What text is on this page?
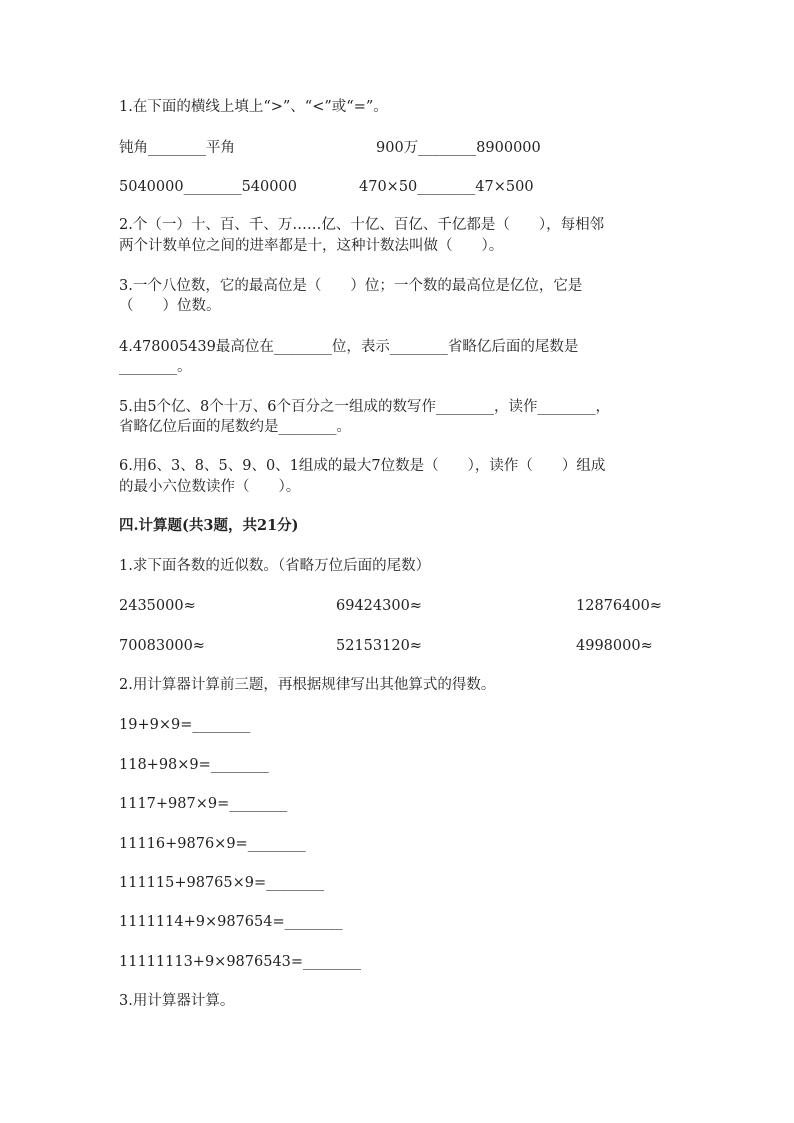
1.在下面的横线上填上“>”、“<”或“=”。
钝角________平角	900万________8900000
5040000________540000	470×50________47×500
2.个（一）十、百、千、万……亿、十亿、百亿、千亿都是（　　），每相邻
两个计数单位之间的进率都是十，这种计数法叫做（　　）。
3.一个八位数，它的最高位是（　　）位；一个数的最高位是亿位，它是
（　　）位数。
4.478005439最高位在________位，表示________省略亿后面的尾数是
________。
5.由5个亿、8个十万、6个百分之一组成的数写作________，读作________，
省略亿位后面的尾数约是________。
6.用6、3、8、5、9、0、1组成的最大7位数是（　　），读作（　　）组成
的最小六位数读作（　　）。
四.计算题(共3题，共21分)
1.求下面各数的近似数。（省略万位后面的尾数）
2435000≈	69424300≈	12876400≈
70083000≈	52153120≈	4998000≈
2.用计算器计算前三题，再根据规律写出其他算式的得数。
19+9×9=________
118+98×9=________
1117+987×9=________
11116+9876×9=________
111115+98765×9=________
1111114+9×987654=________
11111113+9×9876543=________
3.用计算器计算。
